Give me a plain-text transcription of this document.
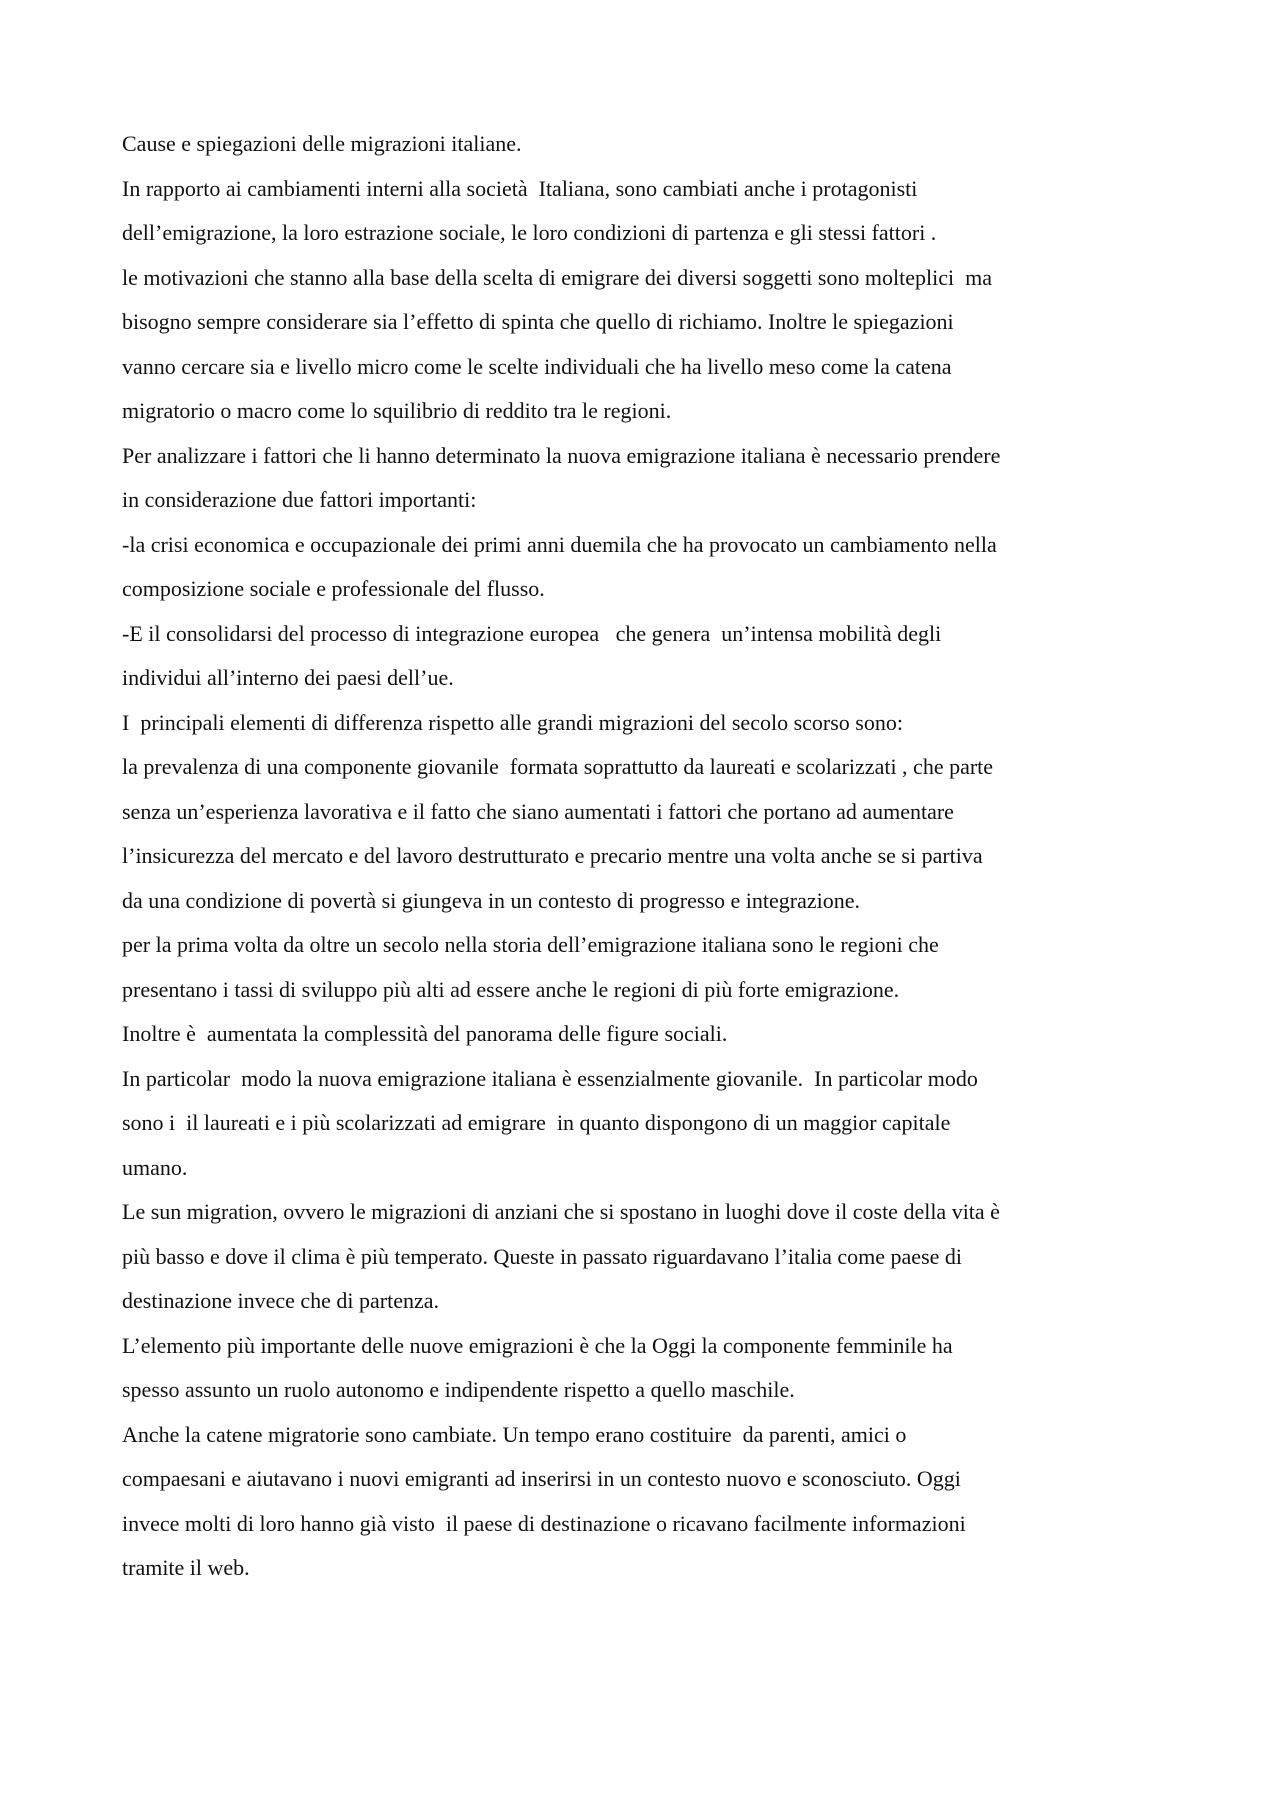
Cause e spiegazioni delle migrazioni italiane.
In rapporto ai cambiamenti interni alla società  Italiana, sono cambiati anche i protagonisti
dell’emigrazione, la loro estrazione sociale, le loro condizioni di partenza e gli stessi fattori .
le motivazioni che stanno alla base della scelta di emigrare dei diversi soggetti sono molteplici  ma
bisogno sempre considerare sia l’effetto di spinta che quello di richiamo. Inoltre le spiegazioni
vanno cercare sia e livello micro come le scelte individuali che ha livello meso come la catena
migratorio o macro come lo squilibrio di reddito tra le regioni.
Per analizzare i fattori che li hanno determinato la nuova emigrazione italiana è necessario prendere
in considerazione due fattori importanti:
-la crisi economica e occupazionale dei primi anni duemila che ha provocato un cambiamento nella
composizione sociale e professionale del flusso.
-E il consolidarsi del processo di integrazione europea   che genera  un’intensa mobilità degli
individui all’interno dei paesi dell’ue.
I  principali elementi di differenza rispetto alle grandi migrazioni del secolo scorso sono:
la prevalenza di una componente giovanile  formata soprattutto da laureati e scolarizzati , che parte
senza un’esperienza lavorativa e il fatto che siano aumentati i fattori che portano ad aumentare
l’insicurezza del mercato e del lavoro destrutturato e precario mentre una volta anche se si partiva
da una condizione di povertà si giungeva in un contesto di progresso e integrazione.
per la prima volta da oltre un secolo nella storia dell’emigrazione italiana sono le regioni che
presentano i tassi di sviluppo più alti ad essere anche le regioni di più forte emigrazione.
Inoltre è  aumentata la complessità del panorama delle figure sociali.
In particolar  modo la nuova emigrazione italiana è essenzialmente giovanile.  In particolar modo
sono i  il laureati e i più scolarizzati ad emigrare  in quanto dispongono di un maggior capitale
umano.
Le sun migration, ovvero le migrazioni di anziani che si spostano in luoghi dove il coste della vita è
più basso e dove il clima è più temperato. Queste in passato riguardavano l’italia come paese di
destinazione invece che di partenza.
L’elemento più importante delle nuove emigrazioni è che la Oggi la componente femminile ha
spesso assunto un ruolo autonomo e indipendente rispetto a quello maschile.
Anche la catene migratorie sono cambiate. Un tempo erano costituire  da parenti, amici o
compaesani e aiutavano i nuovi emigranti ad inserirsi in un contesto nuovo e sconosciuto. Oggi
invece molti di loro hanno già visto  il paese di destinazione o ricavano facilmente informazioni
tramite il web.
